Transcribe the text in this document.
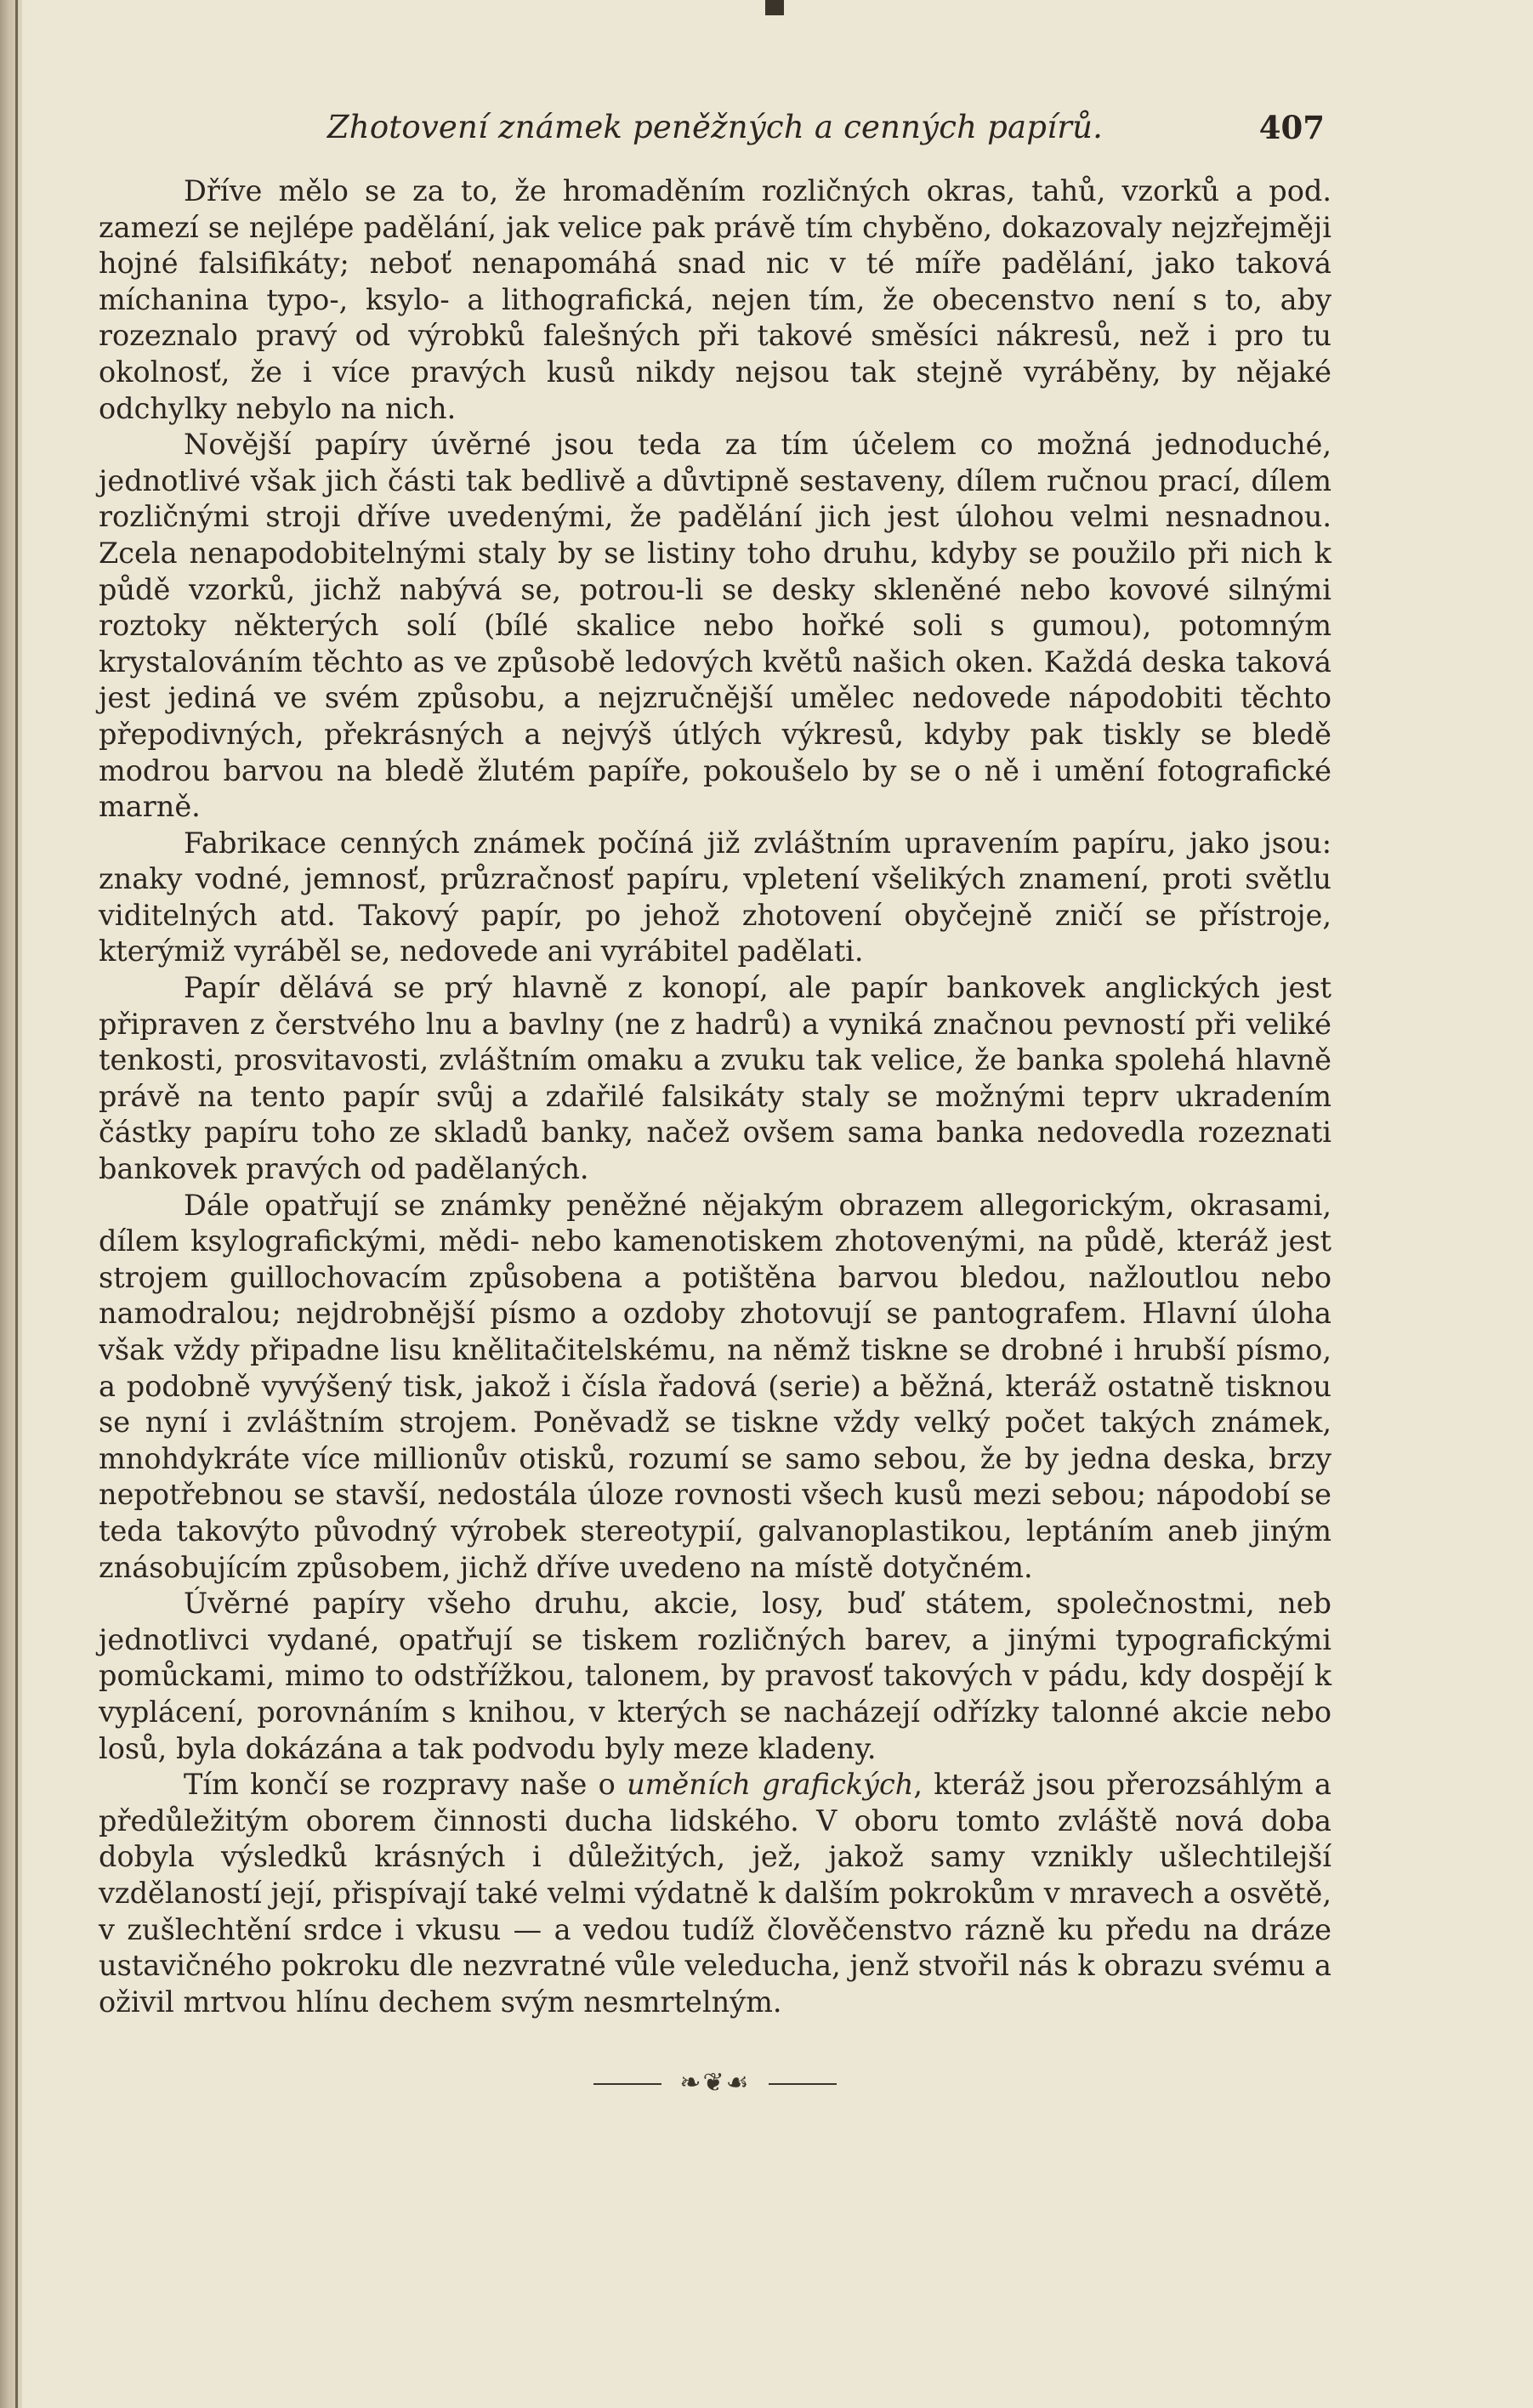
Zhotovení známek peněžných a cenných papírů.	407

Dříve mělo se za to, že hromaděním rozličných okras, tahů, vzorků a pod. zamezí se nejlépe padělání, jak velice pak právě tím chyběno, dokazovaly nejzřejměji hojné falsifikáty; neboť nenapomáhá snad nic v té míře padělání, jako taková míchanina typo-, ksylo- a lithografická, nejen tím, že obecenstvo není s to, aby rozeznalo pravý od výrobků falešných při takové směsíci nákresů, než i pro tu okolnosť, že i více pravých kusů nikdy nejsou tak stejně vyráběny, by nějaké odchylky nebylo na nich.

Novější papíry úvěrné jsou teda za tím účelem co možná jednoduché, jednotlivé však jich části tak bedlivě a důvtipně sestaveny, dílem ručnou prací, dílem rozličnými stroji dříve uvedenými, že padělání jich jest úlohou velmi nesnadnou. Zcela nenapodobitelnými staly by se listiny toho druhu, kdyby se použilo při nich k půdě vzorků, jichž nabývá se, potrou-li se desky skleněné nebo kovové silnými roztoky některých solí (bílé skalice nebo hořké soli s gumou), potomným krystalováním těchto as ve způsobě ledových květů našich oken. Každá deska taková jest jediná ve svém způsobu, a nejzručnější umělec nedovede nápodobiti těchto přepodivných, překrásných a nejvýš útlých výkresů, kdyby pak tiskly se bledě modrou barvou na bledě žlutém papíře, pokoušelo by se o ně i umění fotografické marně.

Fabrikace cenných známek počíná již zvláštním upravením papíru, jako jsou: znaky vodné, jemnosť, průzračnosť papíru, vpletení všelikých znamení, proti světlu viditelných atd. Takový papír, po jehož zhotovení obyčejně zničí se přístroje, kterýmiž vyráběl se, nedovede ani vyrábitel padělati.

Papír dělává se prý hlavně z konopí, ale papír bankovek anglických jest připraven z čerstvého lnu a bavlny (ne z hadrů) a vyniká značnou pevností při veliké tenkosti, prosvitavosti, zvláštním omaku a zvuku tak velice, že banka spolehá hlavně právě na tento papír svůj a zdařilé falsikáty staly se možnými teprv ukradením částky papíru toho ze skladů banky, načež ovšem sama banka nedovedla rozeznati bankovek pravých od padělaných.

Dále opatřují se známky peněžné nějakým obrazem allegorickým, okrasami, dílem ksylografickými, mědi- nebo kamenotiskem zhotovenými, na půdě, kteráž jest strojem guillochovacím způsobena a potištěna barvou bledou, nažloutlou nebo namodralou; nejdrobnější písmo a ozdoby zhotovují se pantografem. Hlavní úloha však vždy připadne lisu knělitačitelskému, na němž tiskne se drobné i hrubší písmo, a podobně vyvýšený tisk, jakož i čísla řadová (serie) a běžná, kteráž ostatně tisknou se nyní i zvláštním strojem. Poněvadž se tiskne vždy velký počet takých známek, mnohdykráte více millionův otisků, rozumí se samo sebou, že by jedna deska, brzy nepotřebnou se stavší, nedostála úloze rovnosti všech kusů mezi sebou; nápodobí se teda takovýto původný výrobek stereotypií, galvanoplastikou, leptáním aneb jiným znásobujícím způsobem, jichž dříve uvedeno na místě dotyčném.

Úvěrné papíry všeho druhu, akcie, losy, buď státem, společnostmi, neb jednotlivci vydané, opatřují se tiskem rozličných barev, a jinými typografickými pomůckami, mimo to odstřížkou, talonem, by pravosť takových v pádu, kdy dospějí k vyplácení, porovnáním s knihou, v kterých se nacházejí odřízky talonné akcie nebo losů, byla dokázána a tak podvodu byly meze kladeny.

Tím končí se rozpravy naše o uměních grafických, kteráž jsou přerozsáhlým a předůležitým oborem činnosti ducha lidského. V oboru tomto zvláště nová doba dobyla výsledků krásných i důležitých, jež, jakož samy vznikly ušlechtilejší vzdělaností její, přispívají také velmi výdatně k dalším pokrokům v mravech a osvětě, v zušlechtění srdce i vkusu — a vedou tudíž člověčenstvo rázně ku předu na dráze ustavičného pokroku dle nezvratné vůle veleducha, jenž stvořil nás k obrazu svému a oživil mrtvou hlínu dechem svým nesmrtelným.

❧❦☙
